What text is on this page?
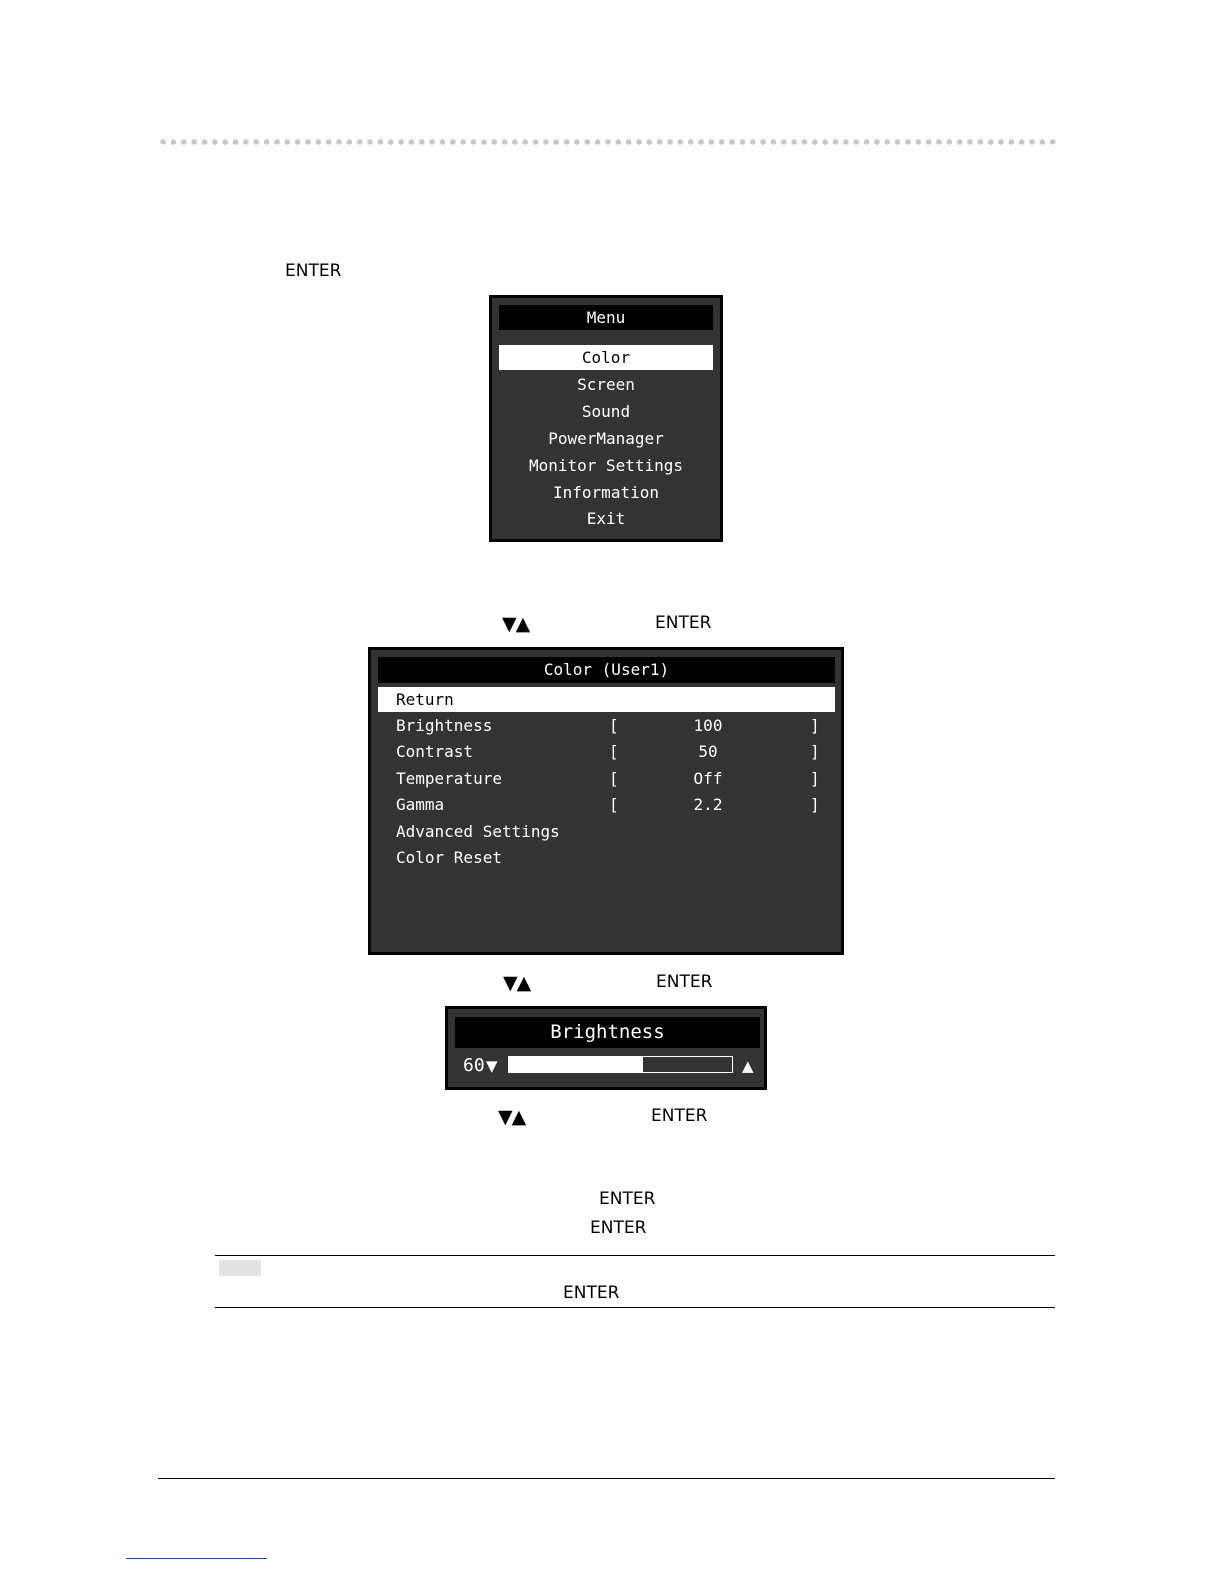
ENTER
Menu
Color
Screen
Sound
PowerManager
Monitor Settings
Information
Exit
▼▲	ENTER
Color (User1)
Return
Brightness	[	100	]
Contrast	[	50	]
Temperature	[	Off	]
Gamma	[	2.2	]
Advanced Settings
Color Reset
▼▲	ENTER
Brightness
60 ▼	▲
▼▲	ENTER
ENTER
ENTER
ENTER
